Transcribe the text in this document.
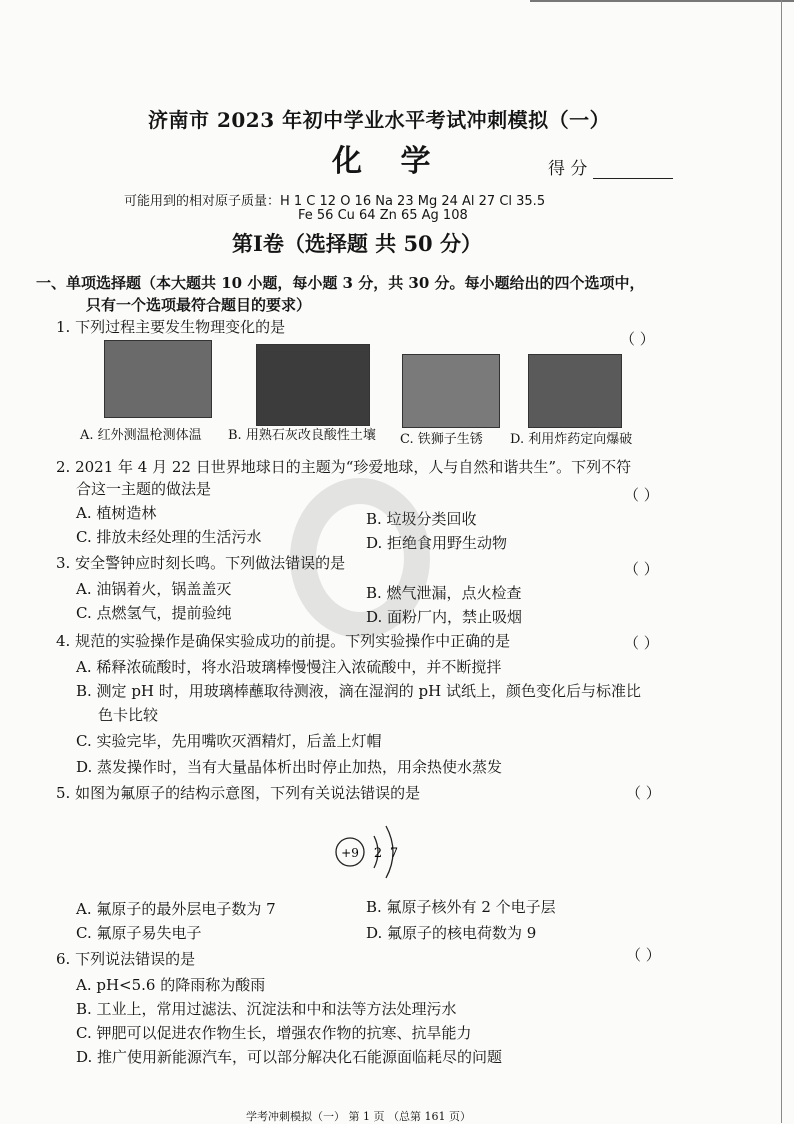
济南市 2023 年初中学业水平考试冲刺模拟（一）
化 学	得 分
可能用到的相对原子质量：H 1 C 12 O 16 Na 23 Mg 24 Al 27 Cl 35.5
Fe 56 Cu 64 Zn 65 Ag 108
第Ⅰ卷（选择题 共 50 分）
一、单项选择题（本大题共 10 小题，每小题 3 分，共 30 分。每小题给出的四个选项中，
只有一个选项最符合题目的要求）
1. 下列过程主要发生物理变化的是
（ ）
A. 红外测温枪测体温 B. 用熟石灰改良酸性土壤 C. 铁狮子生锈 D. 利用炸药定向爆破
2. 2021 年 4 月 22 日世界地球日的主题为“珍爱地球，人与自然和谐共生”。下列不符
合这一主题的做法是	（ ）
A. 植树造林	B. 垃圾分类回收
C. 排放未经处理的生活污水	D. 拒绝食用野生动物
3. 安全警钟应时刻长鸣。下列做法错误的是	（ ）
A. 油锅着火，锅盖盖灭	B. 燃气泄漏，点火检查
C. 点燃氢气，提前验纯	D. 面粉厂内，禁止吸烟
4. 规范的实验操作是确保实验成功的前提。下列实验操作中正确的是	（ ）
A. 稀释浓硫酸时，将水沿玻璃棒慢慢注入浓硫酸中，并不断搅拌
B. 测定 pH 时，用玻璃棒蘸取待测液，滴在湿润的 pH 试纸上，颜色变化后与标准比
色卡比较
C. 实验完毕，先用嘴吹灭酒精灯，后盖上灯帽
D. 蒸发操作时，当有大量晶体析出时停止加热，用余热使水蒸发
5. 如图为氟原子的结构示意图，下列有关说法错误的是	（ ）
+9 2 7
A. 氟原子的最外层电子数为 7	B. 氟原子核外有 2 个电子层
C. 氟原子易失电子	D. 氟原子的核电荷数为 9
6. 下列说法错误的是	（ ）
A. pH<5.6 的降雨称为酸雨
B. 工业上，常用过滤法、沉淀法和中和法等方法处理污水
C. 钾肥可以促进农作物生长，增强农作物的抗寒、抗旱能力
D. 推广使用新能源汽车，可以部分解决化石能源面临耗尽的问题
学考冲刺模拟（一） 第 1 页 （总第 161 页）
